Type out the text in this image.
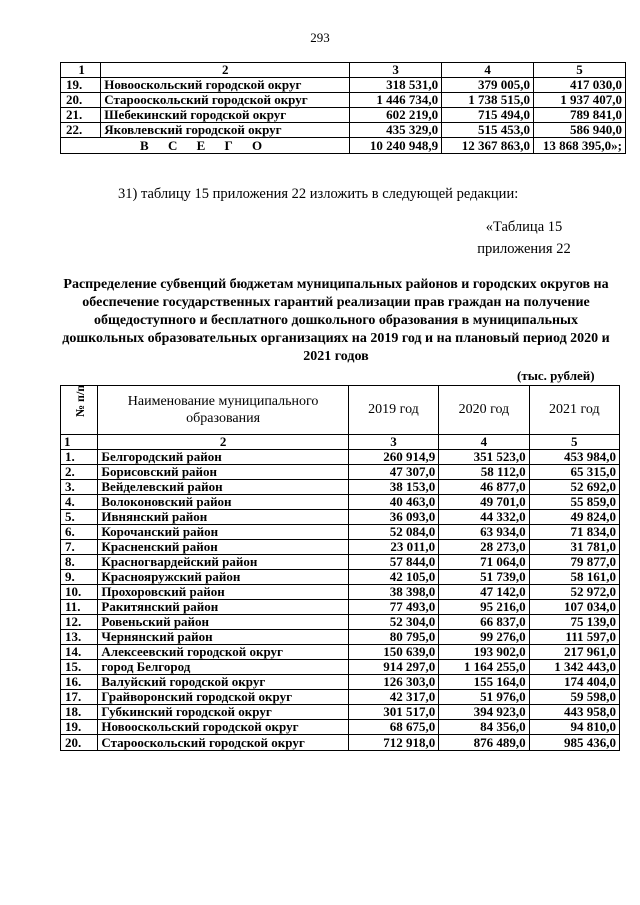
293
1	2	3	4	5
19.	Новооскольский городской округ	318 531,0	379 005,0	417 030,0
20.	Старооскольский городской округ	1 446 734,0	1 738 515,0	1 937 407,0
21.	Шебекинский городской округ	602 219,0	715 494,0	789 841,0
22.	Яковлевский городской округ	435 329,0	515 453,0	586 940,0
В С Е Г О		10 240 948,9	12 367 863,0	13 868 395,0»;
31) таблицу 15 приложения 22 изложить в следующей редакции:
«Таблица 15
приложения 22
Распределение субвенций бюджетам муниципальных районов и городских округов на обеспечение государственных гарантий реализации прав граждан на получение общедоступного и бесплатного дошкольного образования в муниципальных дошкольных образовательных организациях на 2019 год и на плановый период 2020 и 2021 годов
(тыс. рублей)
№ п/п	Наименование муниципального образования	2019 год	2020 год	2021 год
1	2	3	4	5
1.	Белгородский район	260 914,9	351 523,0	453 984,0
2.	Борисовский район	47 307,0	58 112,0	65 315,0
3.	Вейделевский район	38 153,0	46 877,0	52 692,0
4.	Волоконовский район	40 463,0	49 701,0	55 859,0
5.	Ивнянский район	36 093,0	44 332,0	49 824,0
6.	Корочанский район	52 084,0	63 934,0	71 834,0
7.	Красненский район	23 011,0	28 273,0	31 781,0
8.	Красногвардейский район	57 844,0	71 064,0	79 877,0
9.	Краснояружский район	42 105,0	51 739,0	58 161,0
10.	Прохоровский район	38 398,0	47 142,0	52 972,0
11.	Ракитянский район	77 493,0	95 216,0	107 034,0
12.	Ровеньский район	52 304,0	66 837,0	75 139,0
13.	Чернянский район	80 795,0	99 276,0	111 597,0
14.	Алексеевский городской округ	150 639,0	193 902,0	217 961,0
15.	город Белгород	914 297,0	1 164 255,0	1 342 443,0
16.	Валуйский городской округ	126 303,0	155 164,0	174 404,0
17.	Грайворонский городской округ	42 317,0	51 976,0	59 598,0
18.	Губкинский городской округ	301 517,0	394 923,0	443 958,0
19.	Новооскольский городской округ	68 675,0	84 356,0	94 810,0
20.	Старооскольский городской округ	712 918,0	876 489,0	985 436,0
